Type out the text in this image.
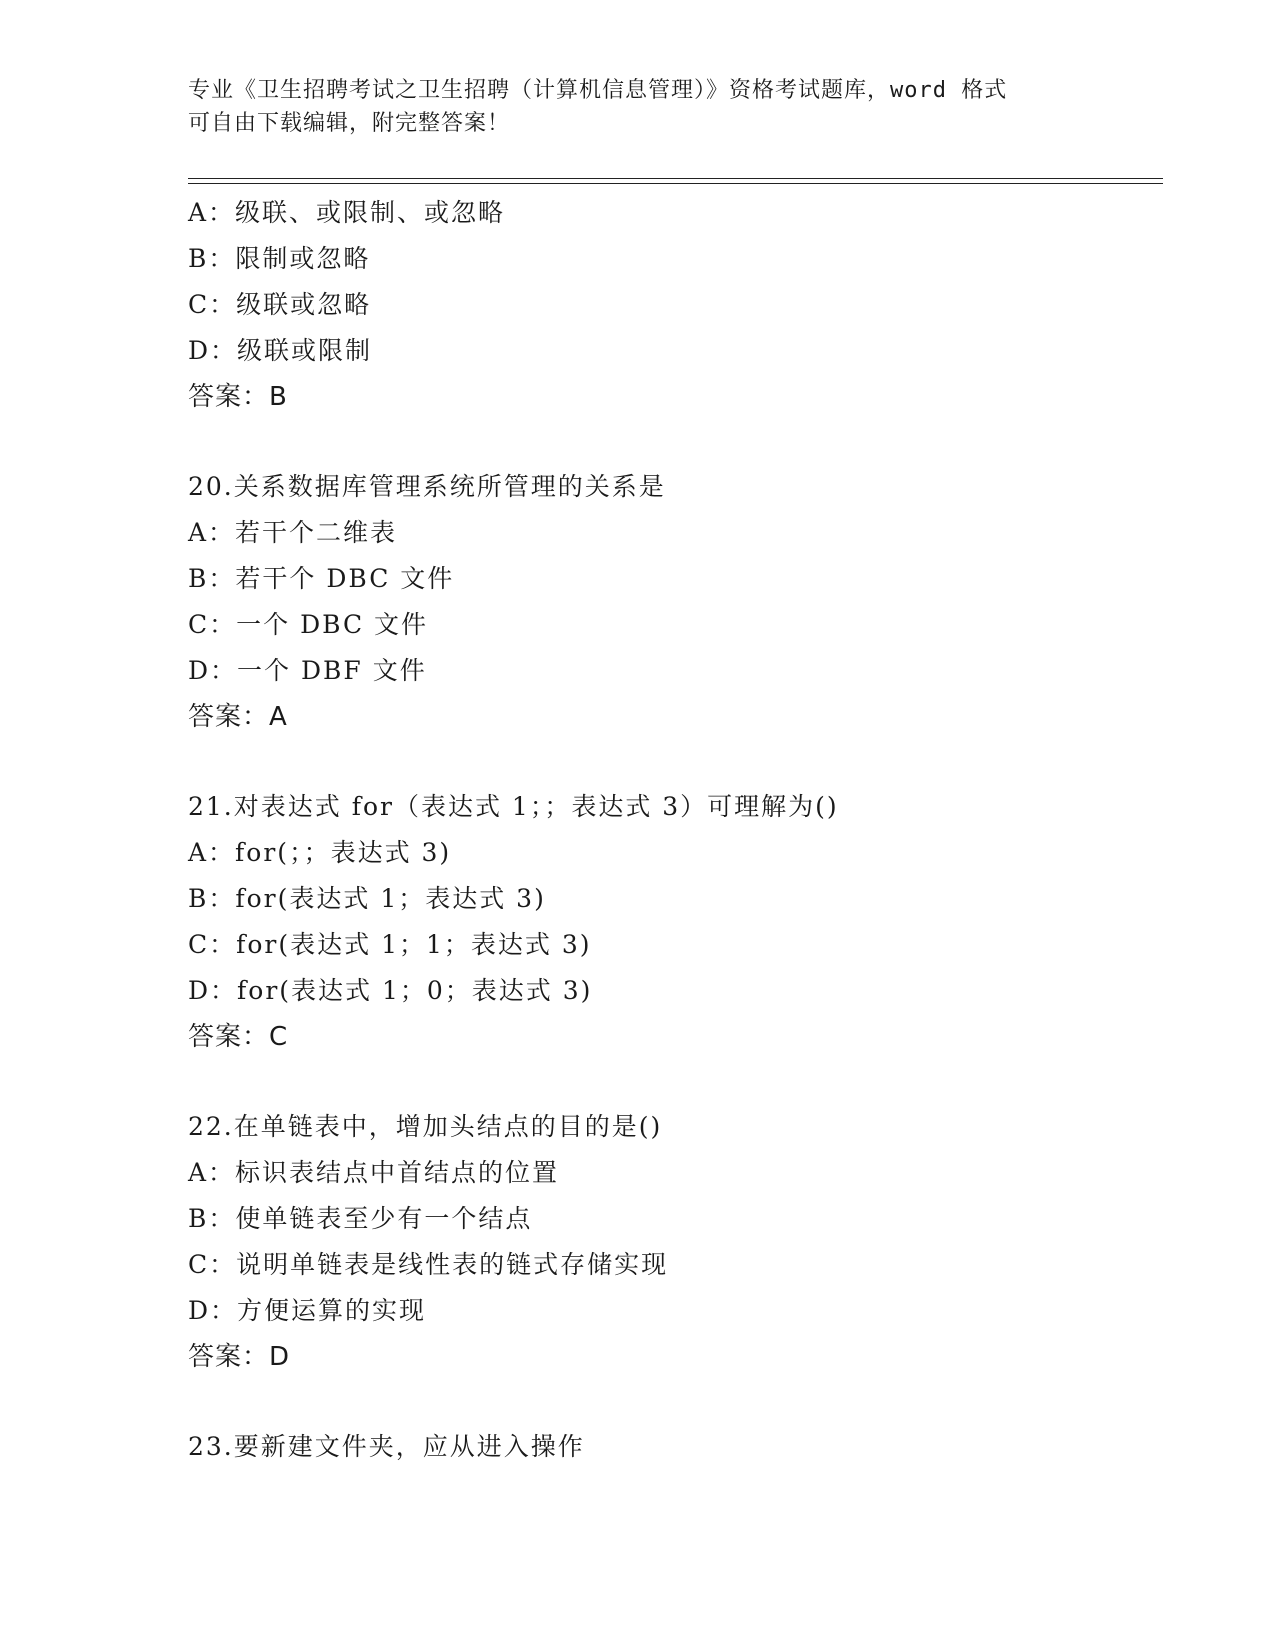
专业《卫生招聘考试之卫生招聘（计算机信息管理）》资格考试题库，word 格式
可自由下载编辑，附完整答案！
A：级联、或限制、或忽略
B：限制或忽略
C：级联或忽略
D：级联或限制
答案：B
20.关系数据库管理系统所管理的关系是
A：若干个二维表
B：若干个 DBC 文件
C：一个 DBC 文件
D：一个 DBF 文件
答案：A
21.对表达式 for（表达式 1；；表达式 3）可理解为()
A：for(；；表达式 3)
B：for(表达式 1；表达式 3)
C：for(表达式 1；1；表达式 3)
D：for(表达式 1；0；表达式 3)
答案：C
22.在单链表中，增加头结点的目的是()
A：标识表结点中首结点的位置
B：使单链表至少有一个结点
C：说明单链表是线性表的链式存储实现
D：方便运算的实现
答案：D
23.要新建文件夹，应从进入操作
